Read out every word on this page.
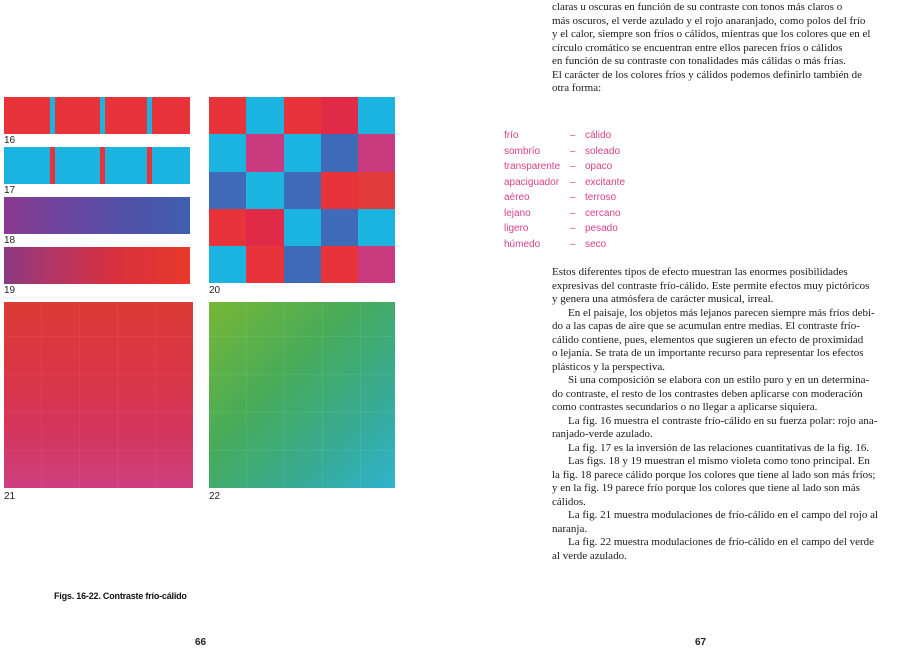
16
17
18
19	20
21	22
Figs. 16-22. Contraste frío-cálido
66

claras u oscuras en función de su contraste con tonos más claros o

más oscuros, el verde azulado y el rojo anaranjado, como polos del frío

y el calor, siempre son fríos o cálidos, mientras que los colores que en el

círculo cromático se encuentran entre ellos parecen fríos o cálidos

en función de su contraste con tonalidades más cálidas o más frías.

El carácter de los colores fríos y cálidos podemos definirlo también de

otra forma:

frío	– cálido
sombrío	– soleado
transparente – opaco
apaciguador – excitante
aéreo	– terroso
lejano	– cercano
ligero	– pesado
húmedo	– seco

Estos diferentes tipos de efecto muestran las enormes posibilidades

expresivas del contraste frío-cálido. Este permite efectos muy pictóricos

y genera una atmósfera de carácter musical, irreal.

En el paisaje, los objetos más lejanos parecen siempre más fríos debi-

do a las capas de aire que se acumulan entre medias. El contraste frío-

cálido contiene, pues, elementos que sugieren un efecto de proximidad

o lejanía. Se trata de un importante recurso para representar los efectos

plásticos y la perspectiva.

Si una composición se elabora con un estilo puro y en un determina-

do contraste, el resto de los contrastes deben aplicarse con moderación

como contrastes secundarios o no llegar a aplicarse siquiera.

La fig. 16 muestra el contraste frío-cálido en su fuerza polar: rojo ana-

ranjado-verde azulado.

La fig. 17 es la inversión de las relaciones cuantitativas de la fig. 16.

Las figs. 18 y 19 muestran el mismo violeta como tono principal. En

la fig. 18 parece cálido porque los colores que tiene al lado son más fríos;

y en la fig. 19 parece frío porque los colores que tiene al lado son más

cálidos.

La fig. 21 muestra modulaciones de frío-cálido en el campo del rojo al

naranja.

La fig. 22 muestra modulaciones de frío-cálido en el campo del verde

al verde azulado.

67
